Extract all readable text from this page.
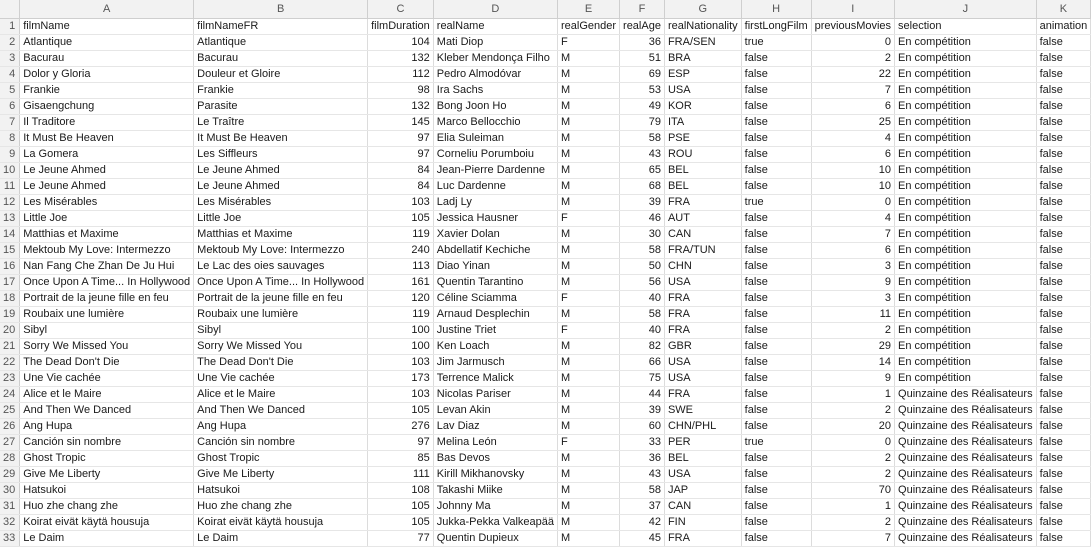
	A	B	C	D	E	F	G	H	I	J	K
1	filmName	filmNameFR	filmDuration	realName	realGender	realAge	realNationality	firstLongFilm	previousMovies	selection	animation
2	Atlantique	Atlantique	104	Mati Diop	F	36	FRA/SEN	true	0	En compétition	false
3	Bacurau	Bacurau	132	Kleber Mendonça Filho	M	51	BRA	false	2	En compétition	false
4	Dolor y Gloria	Douleur et Gloire	112	Pedro Almodóvar	M	69	ESP	false	22	En compétition	false
5	Frankie	Frankie	98	Ira Sachs	M	53	USA	false	7	En compétition	false
6	Gisaengchung	Parasite	132	Bong Joon Ho	M	49	KOR	false	6	En compétition	false
7	Il Traditore	Le Traître	145	Marco Bellocchio	M	79	ITA	false	25	En compétition	false
8	It Must Be Heaven	It Must Be Heaven	97	Elia Suleiman	M	58	PSE	false	4	En compétition	false
9	La Gomera	Les Siffleurs	97	Corneliu Porumboiu	M	43	ROU	false	6	En compétition	false
10	Le Jeune Ahmed	Le Jeune Ahmed	84	Jean-Pierre Dardenne	M	65	BEL	false	10	En compétition	false
11	Le Jeune Ahmed	Le Jeune Ahmed	84	Luc Dardenne	M	68	BEL	false	10	En compétition	false
12	Les Misérables	Les Misérables	103	Ladj Ly	M	39	FRA	true	0	En compétition	false
13	Little Joe	Little Joe	105	Jessica Hausner	F	46	AUT	false	4	En compétition	false
14	Matthias et Maxime	Matthias et Maxime	119	Xavier Dolan	M	30	CAN	false	7	En compétition	false
15	Mektoub My Love: Intermezzo	Mektoub My Love: Intermezzo	240	Abdellatif Kechiche	M	58	FRA/TUN	false	6	En compétition	false
16	Nan Fang Che Zhan De Ju Hui	Le Lac des oies sauvages	113	Diao Yinan	M	50	CHN	false	3	En compétition	false
17	Once Upon A Time... In Hollywood	Once Upon A Time... In Hollywood	161	Quentin Tarantino	M	56	USA	false	9	En compétition	false
18	Portrait de la jeune fille en feu	Portrait de la jeune fille en feu	120	Céline Sciamma	F	40	FRA	false	3	En compétition	false
19	Roubaix une lumière	Roubaix une lumière	119	Arnaud Desplechin	M	58	FRA	false	11	En compétition	false
20	Sibyl	Sibyl	100	Justine Triet	F	40	FRA	false	2	En compétition	false
21	Sorry We Missed You	Sorry We Missed You	100	Ken Loach	M	82	GBR	false	29	En compétition	false
22	The Dead Don't Die	The Dead Don't Die	103	Jim Jarmusch	M	66	USA	false	14	En compétition	false
23	Une Vie cachée	Une Vie cachée	173	Terrence Malick	M	75	USA	false	9	En compétition	false
24	Alice et le Maire	Alice et le Maire	103	Nicolas Pariser	M	44	FRA	false	1	Quinzaine des Réalisateurs	false
25	And Then We Danced	And Then We Danced	105	Levan Akin	M	39	SWE	false	2	Quinzaine des Réalisateurs	false
26	Ang Hupa	Ang Hupa	276	Lav Diaz	M	60	CHN/PHL	false	20	Quinzaine des Réalisateurs	false
27	Canción sin nombre	Canción sin nombre	97	Melina León	F	33	PER	true	0	Quinzaine des Réalisateurs	false
28	Ghost Tropic	Ghost Tropic	85	Bas Devos	M	36	BEL	false	2	Quinzaine des Réalisateurs	false
29	Give Me Liberty	Give Me Liberty	111	Kirill Mikhanovsky	M	43	USA	false	2	Quinzaine des Réalisateurs	false
30	Hatsukoi	Hatsukoi	108	Takashi Miike	M	58	JAP	false	70	Quinzaine des Réalisateurs	false
31	Huo zhe chang zhe	Huo zhe chang zhe	105	Johnny Ma	M	37	CAN	false	1	Quinzaine des Réalisateurs	false
32	Koirat eivät käytä housuja	Koirat eivät käytä housuja	105	Jukka-Pekka Valkeapää	M	42	FIN	false	2	Quinzaine des Réalisateurs	false
33	Le Daim	Le Daim	77	Quentin Dupieux	M	45	FRA	false	7	Quinzaine des Réalisateurs	false
